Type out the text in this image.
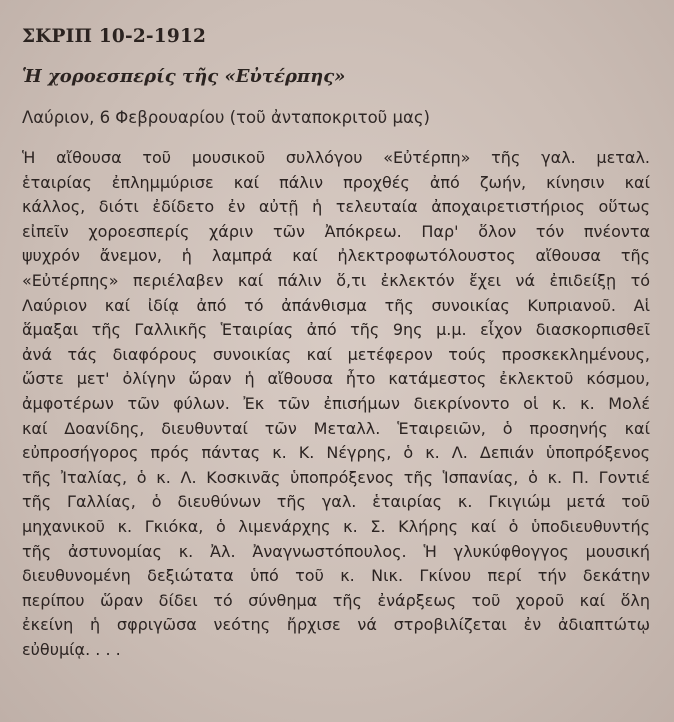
ΣΚΡΙΠ 10-2-1912
Ἡ χοροεσπερίς τῆς «Εὐτέρπης»
Λαύριον, 6 Φεβρουαρίου (τοῦ ἀνταποκριτοῦ μας)
Ἡ αἴθουσα τοῦ μουσικοῦ συλλόγου «Εὐτέρπη» τῆς γαλ. μεταλ.
ἑταιρίας ἐπλημμύρισε καί πάλιν προχθές ἀπό ζωήν, κίνησιν καί
κάλλος, διότι ἐδίδετο ἐν αὐτῇ ἡ τελευταία ἀποχαιρετιστήριος οὕτως
εἰπεῖν χοροεσπερίς χάριν τῶν Ἀπόκρεω. Παρ' ὅλον τόν πνέοντα
ψυχρόν ἄνεμον, ἡ λαμπρά καί ἠλεκτροφωτόλουστος αἴθουσα τῆς
«Εὐτέρπης» περιέλαβεν καί πάλιν ὅ,τι ἐκλεκτόν ἔχει νά ἐπιδείξῃ τό
Λαύριον καί ἰδίᾳ ἀπό τό ἀπάνθισμα τῆς συνοικίας Κυπριανοῦ. Αἱ
ἅμαξαι τῆς Γαλλικῆς Ἑταιρίας ἀπό τῆς 9ης μ.μ. εἶχον διασκορπισθεῖ
ἀνά τάς διαφόρους συνοικίας καί μετέφερον τούς προσκεκλημένους,
ὥστε μετ' ὀλίγην ὥραν ἡ αἴθουσα ἦτο κατάμεστος ἐκλεκτοῦ κόσμου,
ἀμφοτέρων τῶν φύλων. Ἐκ τῶν ἐπισήμων διεκρίνοντο οἱ κ. κ. Μολέ
καί Δοανίδης, διευθυνταί τῶν Μεταλλ. Ἑταιρειῶν, ὁ προσηνής καί
εὐπροσήγορος πρός πάντας κ. Κ. Νέγρης, ὁ κ. Λ. Δεπιάν ὑποπρόξενος
τῆς Ἰταλίας, ὁ κ. Λ. Κοσκινᾶς ὑποπρόξενος τῆς Ἱσπανίας, ὁ κ. Π. Γοντιέ
τῆς Γαλλίας, ὁ διευθύνων τῆς γαλ. ἑταιρίας κ. Γκιγιώμ μετά τοῦ
μηχανικοῦ κ. Γκιόκα, ὁ λιμενάρχης κ. Σ. Κλήρης καί ὁ ὑποδιευθυντής
τῆς ἀστυνομίας κ. Ἀλ. Ἀναγνωστόπουλος. Ἡ γλυκύφθογγος μουσική
διευθυνομένη δεξιώτατα ὑπό τοῦ κ. Νικ. Γκίνου περί τήν δεκάτην
περίπου ὥραν δίδει τό σύνθημα τῆς ἐνάρξεως τοῦ χοροῦ καί ὅλη
ἐκείνη ἡ σφριγῶσα νεότης ἤρχισε νά στροβιλίζεται ἐν ἀδιαπτώτῳ
εὐθυμίᾳ. . . .
